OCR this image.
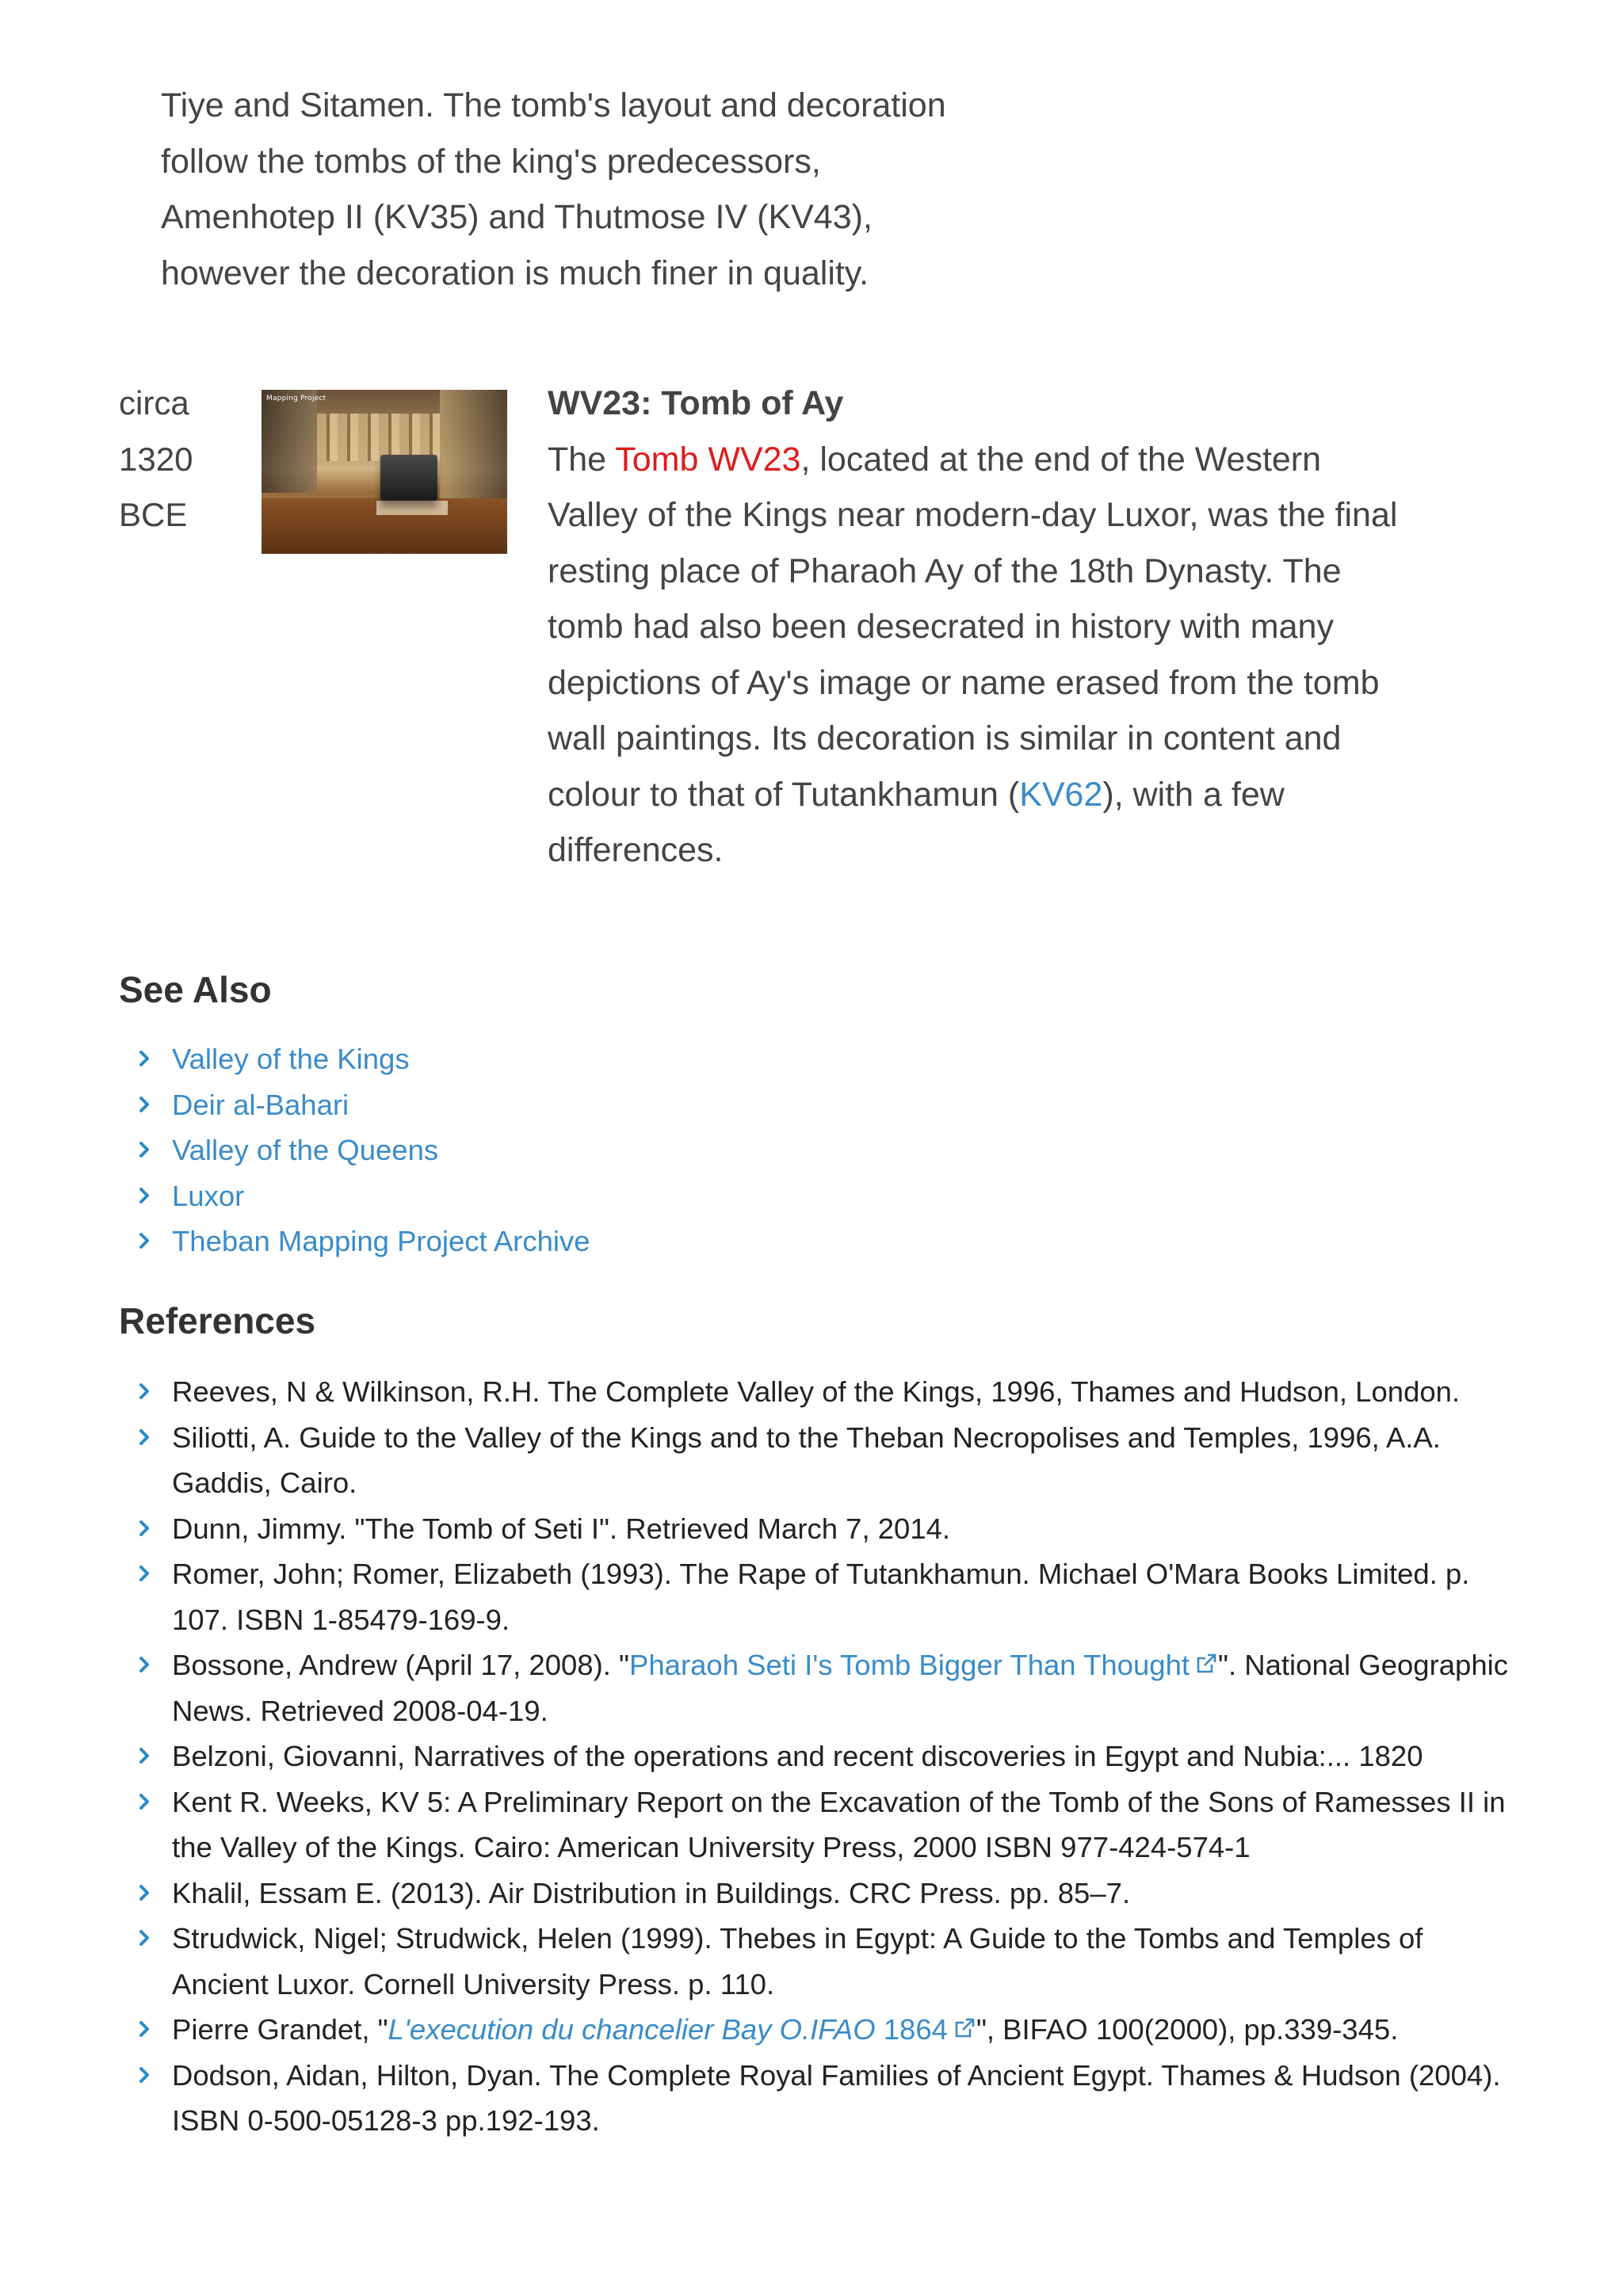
Tiye and Sitamen. The tomb's layout and decoration

follow the tombs of the king's predecessors,

Amenhotep II (KV35) and Thutmose IV (KV43),

however the decoration is much finer in quality.

circa
1320
BCE
Mapping Project	WV23: Tomb of Ay

The Tomb WV23, located at the end of the Western Valley of the Kings near modern-day Luxor, was the final resting place of Pharaoh Ay of the 18th Dynasty. The tomb had also been desecrated in history with many depictions of Ay's image or name erased from the tomb wall paintings. Its decoration is similar in content and colour to that of Tutankhamun (KV62), with a few differences.

See Also
Valley of the Kings
Deir al-Bahari
Valley of the Queens
Luxor
Theban Mapping Project Archive
References
Reeves, N & Wilkinson, R.H. The Complete Valley of the Kings, 1996, Thames and Hudson, London.
Siliotti, A. Guide to the Valley of the Kings and to the Theban Necropolises and Temples, 1996, A.A. Gaddis, Cairo.
Dunn, Jimmy. "The Tomb of Seti I". Retrieved March 7, 2014.
Romer, John; Romer, Elizabeth (1993). The Rape of Tutankhamun. Michael O'Mara Books Limited. p. 107. ISBN 1-85479-169-9.
Bossone, Andrew (April 17, 2008). "Pharaoh Seti I's Tomb Bigger Than Thought ". National Geographic News. Retrieved 2008-04-19.
Belzoni, Giovanni, Narratives of the operations and recent discoveries in Egypt and Nubia:... 1820
Kent R. Weeks, KV 5: A Preliminary Report on the Excavation of the Tomb of the Sons of Ramesses II in the Valley of the Kings. Cairo: American University Press, 2000 ISBN 977-424-574-1
Khalil, Essam E. (2013). Air Distribution in Buildings. CRC Press. pp. 85–7.
Strudwick, Nigel; Strudwick, Helen (1999). Thebes in Egypt: A Guide to the Tombs and Temples of Ancient Luxor. Cornell University Press. p. 110.
Pierre Grandet, "L'execution du chancelier Bay O.IFAO 1864 ", BIFAO 100(2000), pp.339-345.
Dodson, Aidan, Hilton, Dyan. The Complete Royal Families of Ancient Egypt. Thames & Hudson (2004). ISBN 0-500-05128-3 pp.192-193.
